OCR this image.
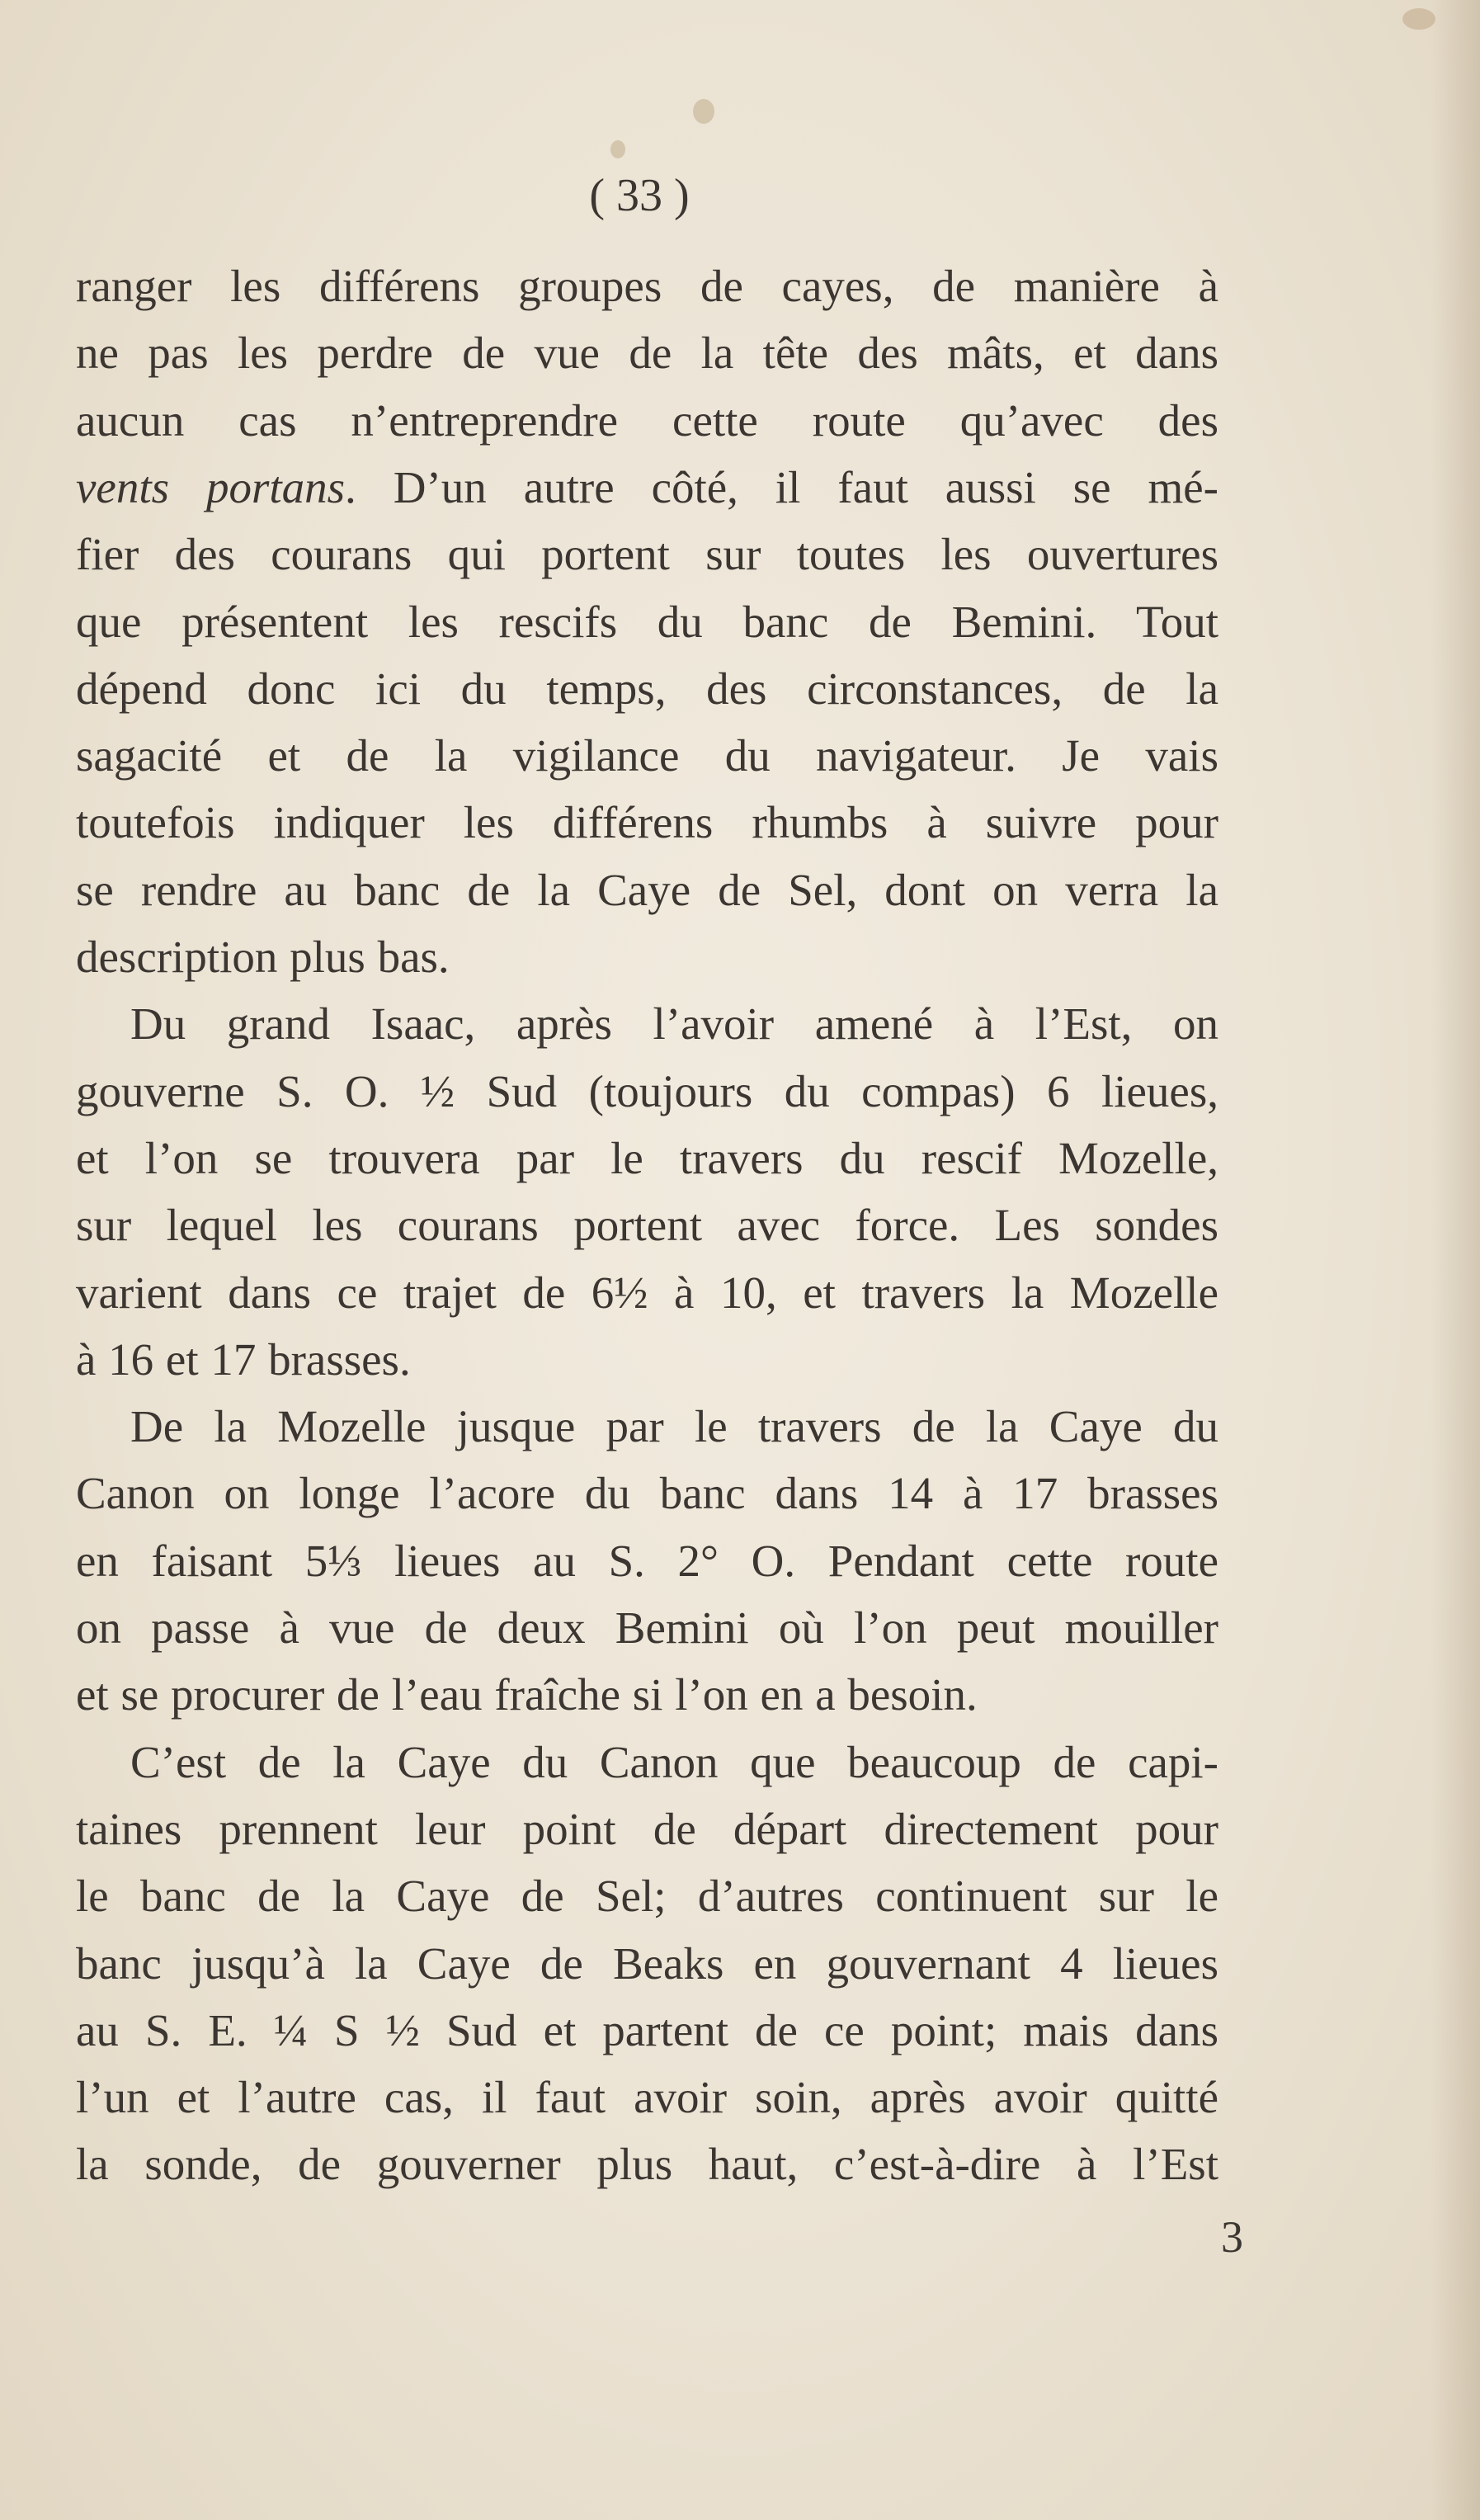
( 33 )
ranger les différens groupes de cayes, de manière à
ne pas les perdre de vue de la tête des mâts, et dans
aucun cas n’entreprendre cette route qu’avec des
vents portans. D’un autre côté, il faut aussi se mé-
fier des courans qui portent sur toutes les ouvertures
que présentent les rescifs du banc de Bemini. Tout
dépend donc ici du temps, des circonstances, de la
sagacité et de la vigilance du navigateur. Je vais
toutefois indiquer les différens rhumbs à suivre pour
se rendre au banc de la Caye de Sel, dont on verra la
description plus bas.
Du grand Isaac, après l’avoir amené à l’Est, on
gouverne S. O. ½ Sud (toujours du compas) 6 lieues,
et l’on se trouvera par le travers du rescif Mozelle,
sur lequel les courans portent avec force. Les sondes
varient dans ce trajet de 6½ à 10, et travers la Mozelle
à 16 et 17 brasses.
De la Mozelle jusque par le travers de la Caye du
Canon on longe l’acore du banc dans 14 à 17 brasses
en faisant 5⅓ lieues au S. 2° O. Pendant cette route
on passe à vue de deux Bemini où l’on peut mouiller
et se procurer de l’eau fraîche si l’on en a besoin.
C’est de la Caye du Canon que beaucoup de capi-
taines prennent leur point de départ directement pour
le banc de la Caye de Sel; d’autres continuent sur le
banc jusqu’à la Caye de Beaks en gouvernant 4 lieues
au S. E. ¼ S ½ Sud et partent de ce point; mais dans
l’un et l’autre cas, il faut avoir soin, après avoir quitté
la sonde, de gouverner plus haut, c’est-à-dire à l’Est
3
